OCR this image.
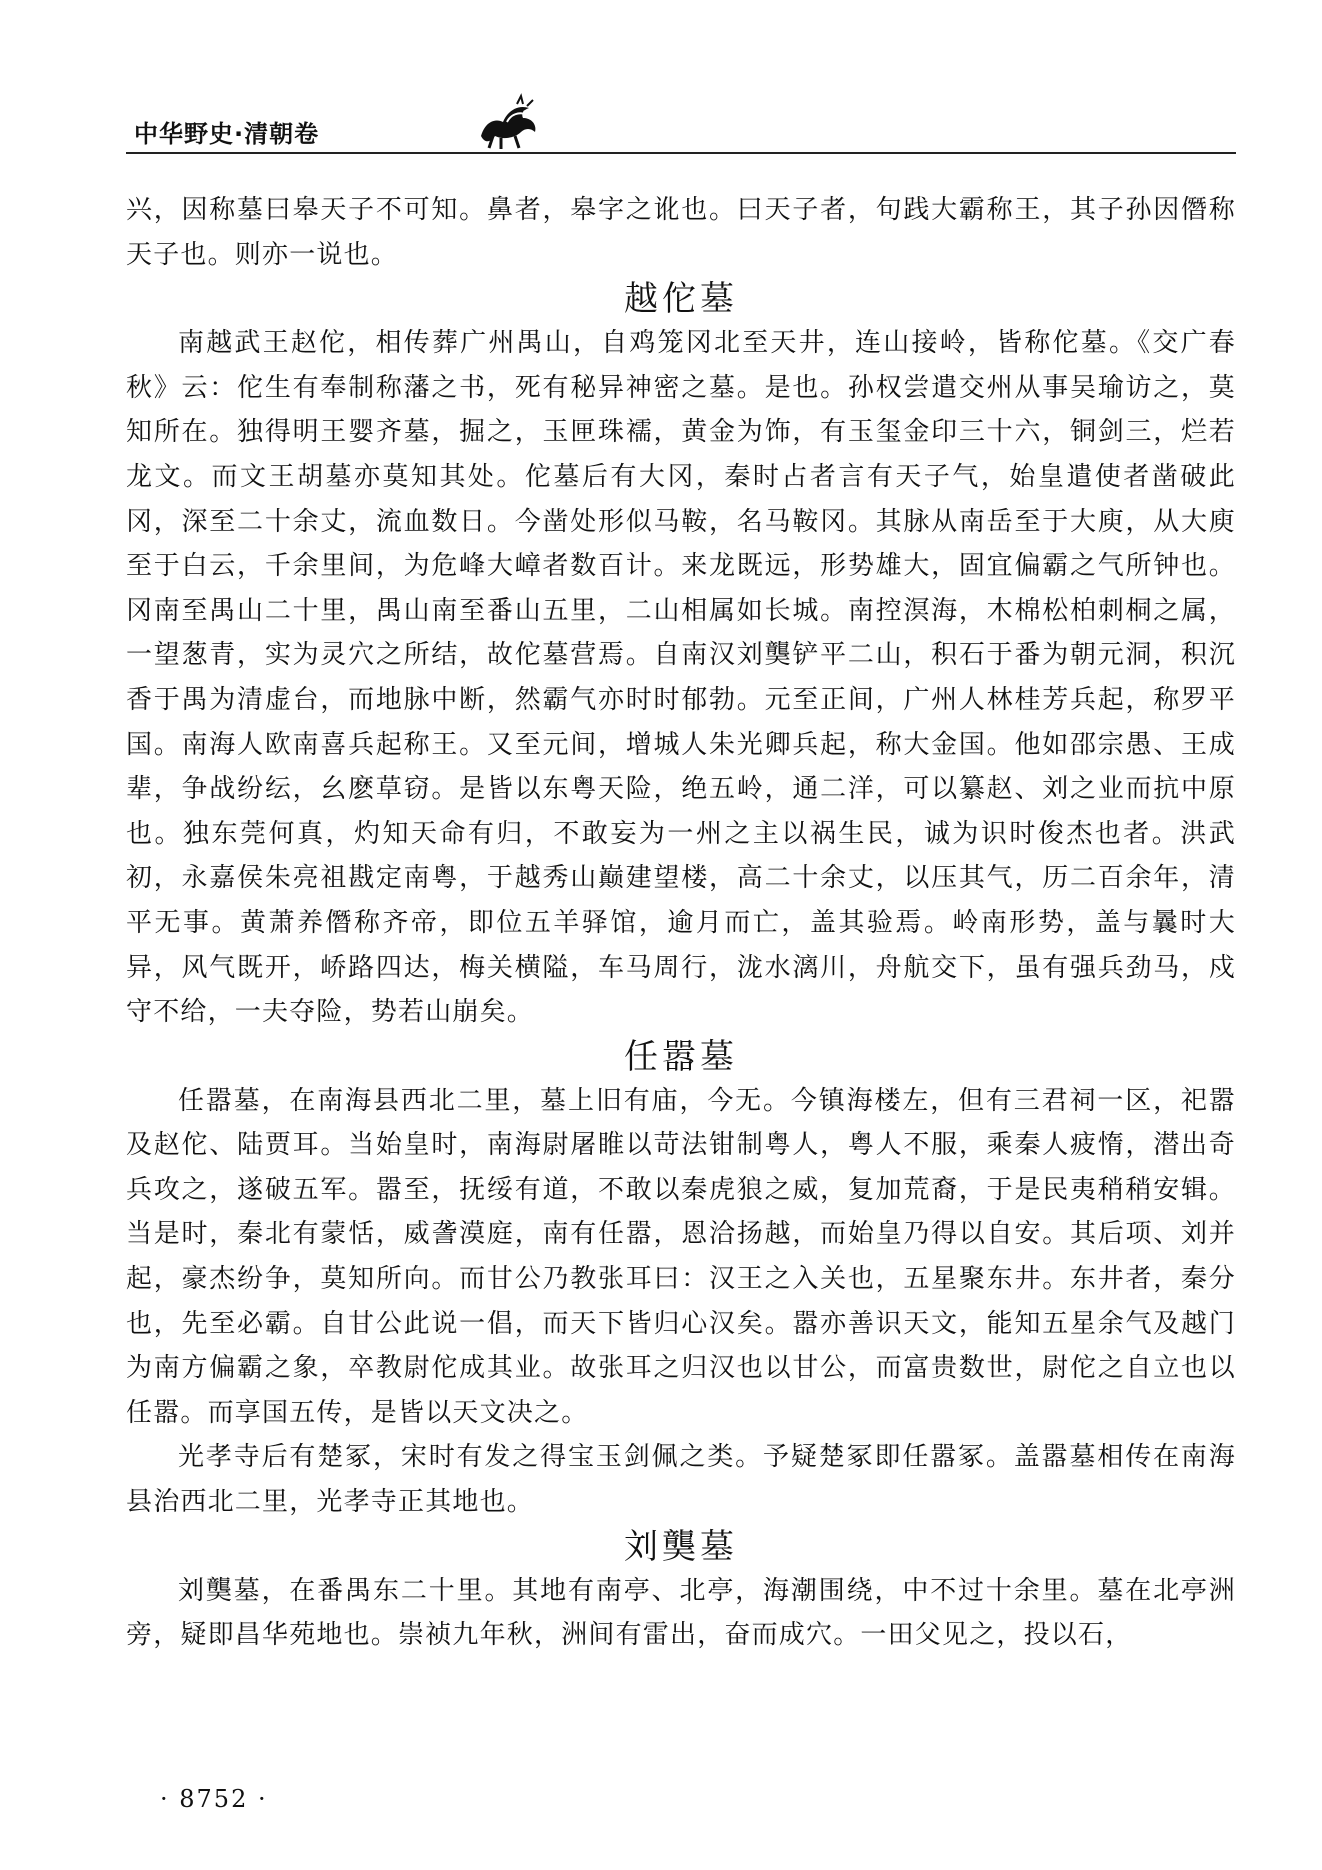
中华野史·清朝卷

兴，因称墓曰皋天子不可知。鼻者，皋字之讹也。曰天子者，句践大霸称王，其子孙因僭称天子也。则亦一说也。

越佗墓

南越武王赵佗，相传葬广州禺山，自鸡笼冈北至天井，连山接岭，皆称佗墓。《交广春秋》云：佗生有奉制称藩之书，死有秘异神密之墓。是也。孙权尝遣交州从事吴瑜访之，莫知所在。独得明王婴齐墓，掘之，玉匣珠襦，黄金为饰，有玉玺金印三十六，铜剑三，烂若龙文。而文王胡墓亦莫知其处。佗墓后有大冈，秦时占者言有天子气，始皇遣使者凿破此冈，深至二十余丈，流血数日。今凿处形似马鞍，名马鞍冈。其脉从南岳至于大庾，从大庾至于白云，千余里间，为危峰大嶂者数百计。来龙既远，形势雄大，固宜偏霸之气所钟也。冈南至禺山二十里，禺山南至番山五里，二山相属如长城。南控溟海，木棉松柏刺桐之属，一望葱青，实为灵穴之所结，故佗墓营焉。自南汉刘龑铲平二山，积石于番为朝元洞，积沉香于禺为清虚台，而地脉中断，然霸气亦时时郁勃。元至正间，广州人林桂芳兵起，称罗平国。南海人欧南喜兵起称王。又至元间，增城人朱光卿兵起，称大金国。他如邵宗愚、王成辈，争战纷纭，幺麽草窃。是皆以东粤天险，绝五岭，通二洋，可以纂赵、刘之业而抗中原也。独东莞何真，灼知天命有归，不敢妄为一州之主以祸生民，诚为识时俊杰也者。洪武初，永嘉侯朱亮祖戡定南粤，于越秀山巅建望楼，高二十余丈，以压其气，历二百余年，清平无事。黄萧养僭称齐帝，即位五羊驿馆，逾月而亡，盖其验焉。岭南形势，盖与曩时大异，风气既开，峤路四达，梅关横隘，车马周行，泷水漓川，舟航交下，虽有强兵劲马，戍守不给，一夫夺险，势若山崩矣。

任嚣墓

任嚣墓，在南海县西北二里，墓上旧有庙，今无。今镇海楼左，但有三君祠一区，祀嚣及赵佗、陆贾耳。当始皇时，南海尉屠睢以苛法钳制粤人，粤人不服，乘秦人疲惰，潜出奇兵攻之，遂破五军。嚣至，抚绥有道，不敢以秦虎狼之威，复加荒裔，于是民夷稍稍安辑。当是时，秦北有蒙恬，威詟漠庭，南有任嚣，恩洽扬越，而始皇乃得以自安。其后项、刘并起，豪杰纷争，莫知所向。而甘公乃教张耳曰：汉王之入关也，五星聚东井。东井者，秦分也，先至必霸。自甘公此说一倡，而天下皆归心汉矣。嚣亦善识天文，能知五星余气及越门为南方偏霸之象，卒教尉佗成其业。故张耳之归汉也以甘公，而富贵数世，尉佗之自立也以任嚣。而享国五传，是皆以天文决之。

光孝寺后有楚冢，宋时有发之得宝玉剑佩之类。予疑楚冢即任嚣冢。盖嚣墓相传在南海县治西北二里，光孝寺正其地也。

刘龑墓

刘龑墓，在番禺东二十里。其地有南亭、北亭，海潮围绕，中不过十余里。墓在北亭洲旁，疑即昌华苑地也。崇祯九年秋，洲间有雷出，奋而成穴。一田父见之，投以石，

· 8752 ·
